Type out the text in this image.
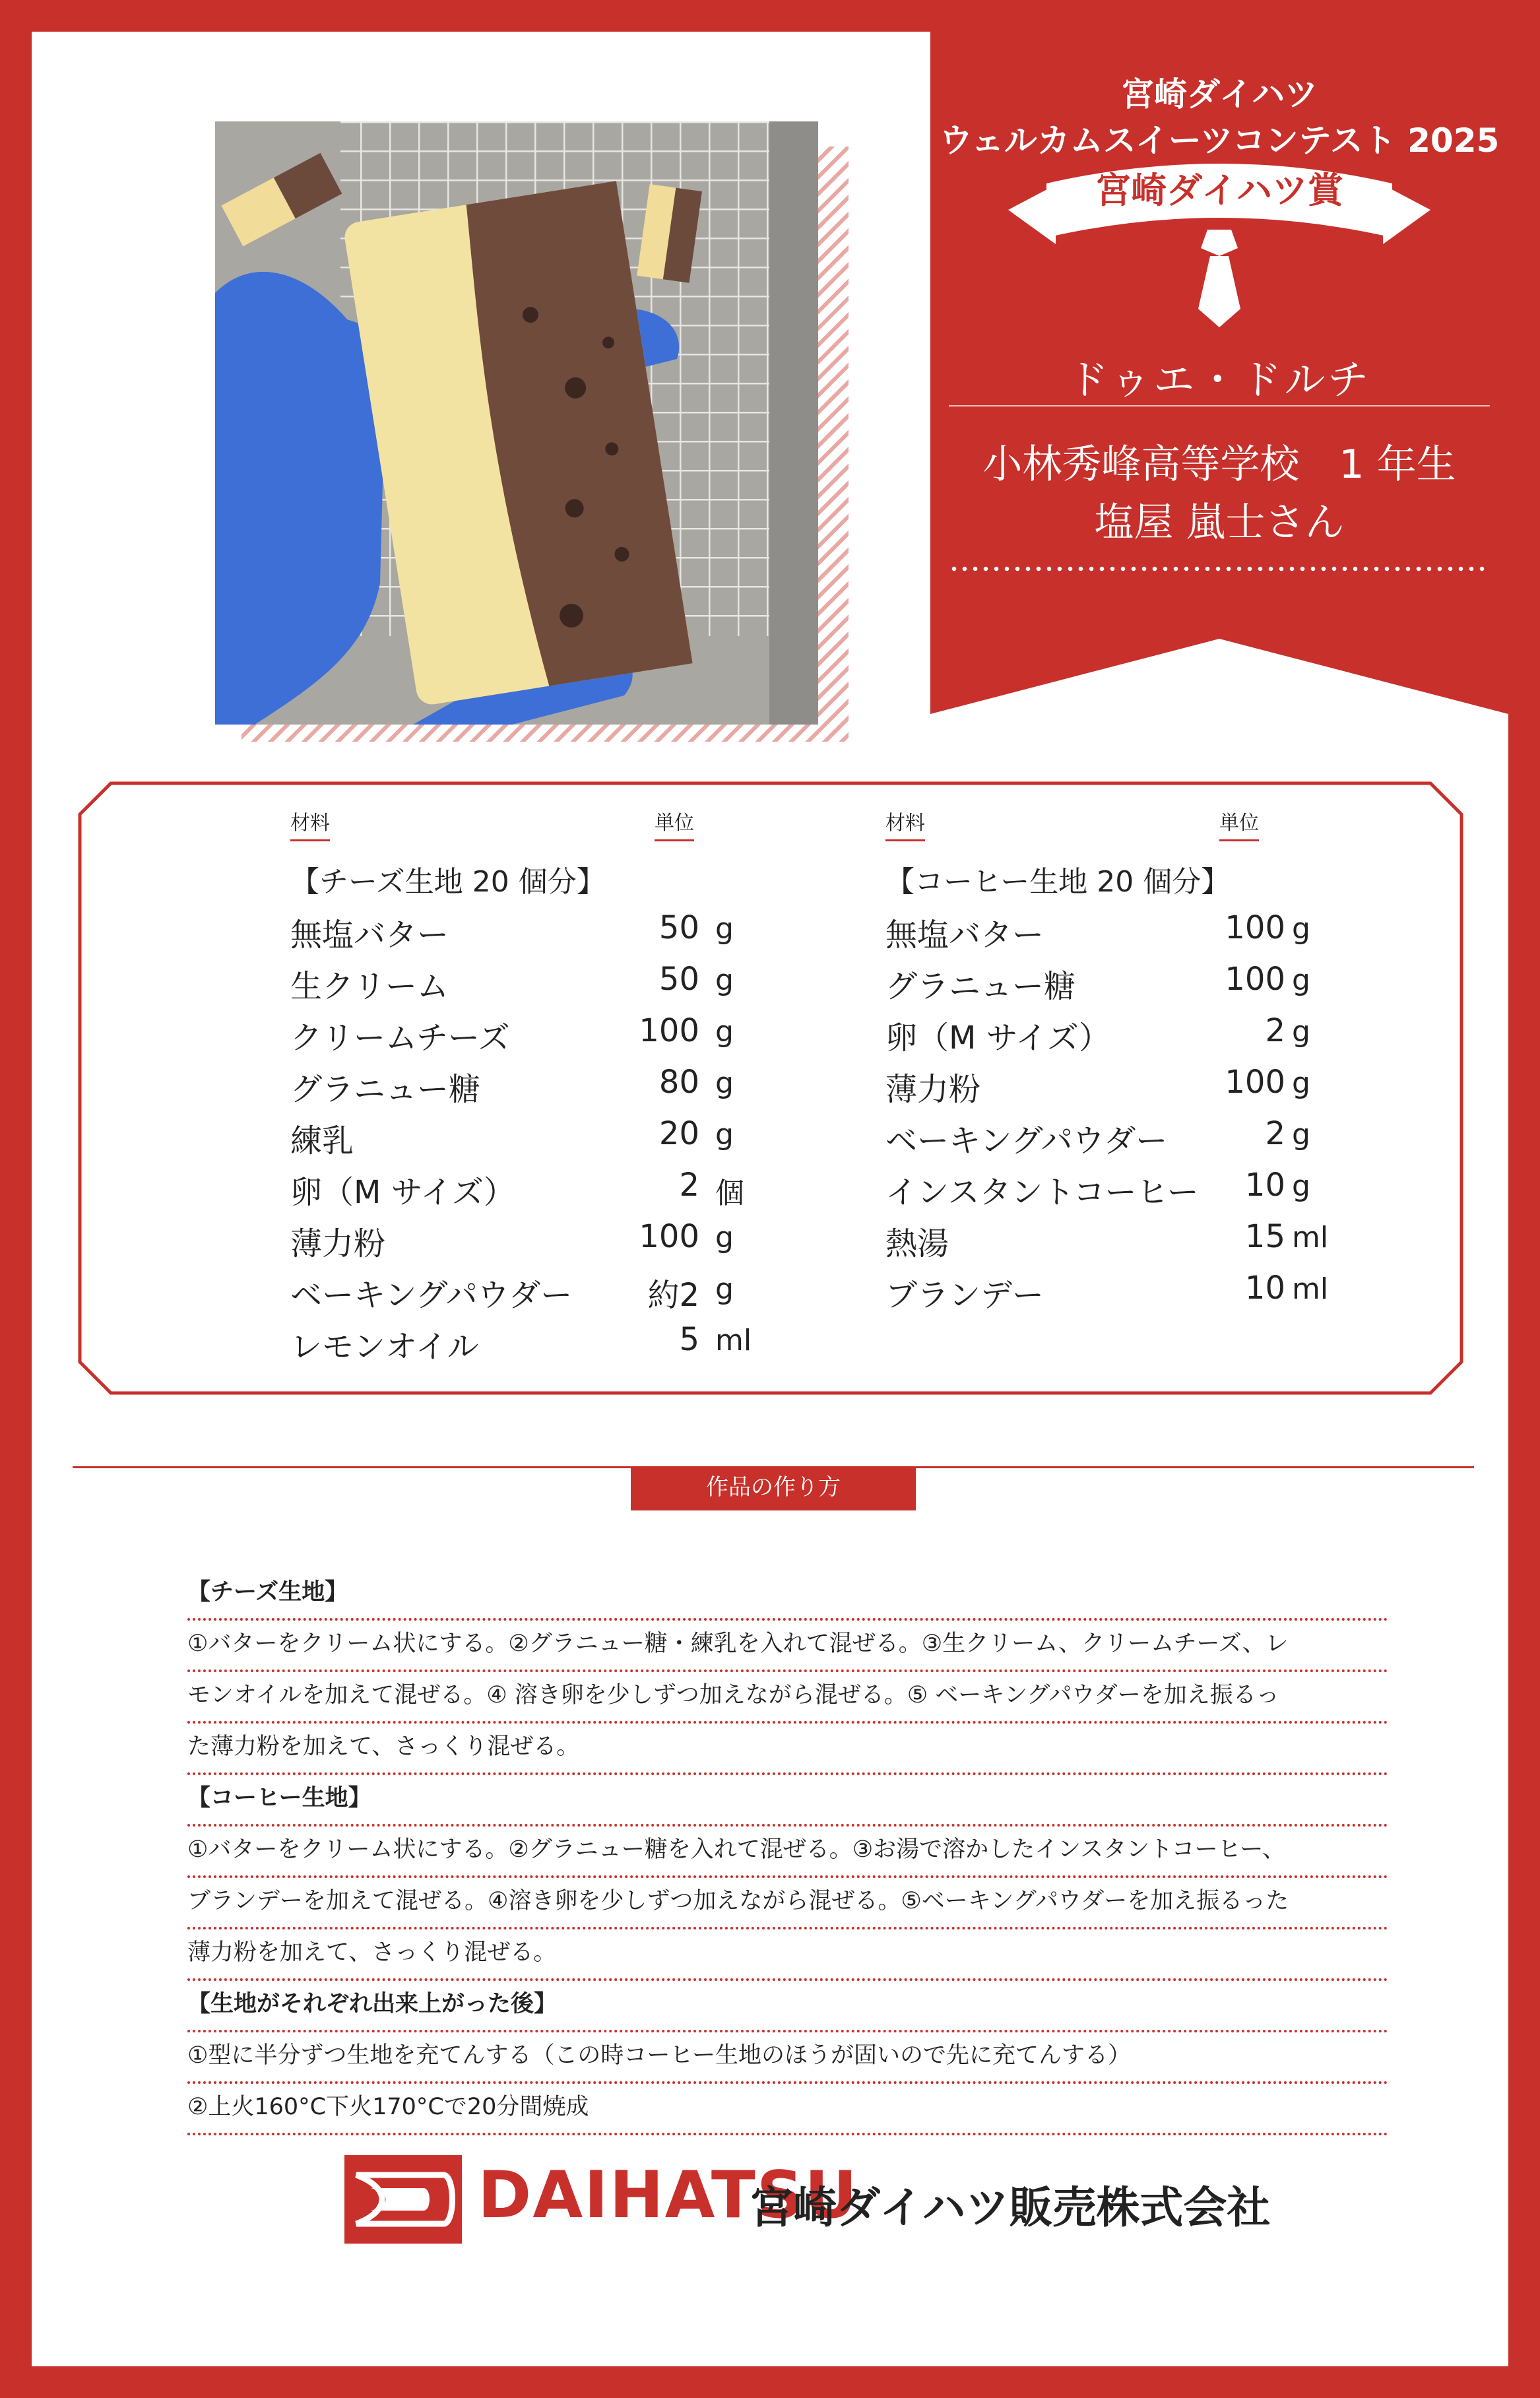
宮崎ダイハツ
ウェルカムスイーツコンテスト 2025
宮崎ダイハツ賞
ドゥエ・ドルチ
小林秀峰高等学校　1 年生
塩屋 嵐士さん
材料	単位
【チーズ生地 20 個分】
無塩バター	50 g
生クリーム	50 g
クリームチーズ	100 g
グラニュー糖	80 g
練乳	20 g
卵（M サイズ）	2 個
薄力粉	100 g
ベーキングパウダー 約2 g
レモンオイル	5 ml
材料	単位
【コーヒー生地 20 個分】
無塩バター	100 g
グラニュー糖	100 g
卵（M サイズ）	2 g
薄力粉	100 g
ベーキングパウダー	2 g
インスタントコーヒー 10 g
熱湯	15 ml
ブランデー	10 ml
作品の作り方
【チーズ生地】
①バターをクリーム状にする。②グラニュー糖・練乳を入れて混ぜる。③生クリーム、クリームチーズ、レ
モンオイルを加えて混ぜる。④ 溶き卵を少しずつ加えながら混ぜる。⑤ ベーキングパウダーを加え振るっ
た薄力粉を加えて、さっくり混ぜる。
【コーヒー生地】
①バターをクリーム状にする。②グラニュー糖を入れて混ぜる。③お湯で溶かしたインスタントコーヒー、
ブランデーを加えて混ぜる。④溶き卵を少しずつ加えながら混ぜる。⑤ベーキングパウダーを加え振るった
薄力粉を加えて、さっくり混ぜる。
【生地がそれぞれ出来上がった後】
①型に半分ずつ生地を充てんする（この時コーヒー生地のほうが固いので先に充てんする）
②上火160°C下火170°Cで20分間焼成
DAIHATSU
宮崎ダイハツ販売株式会社
